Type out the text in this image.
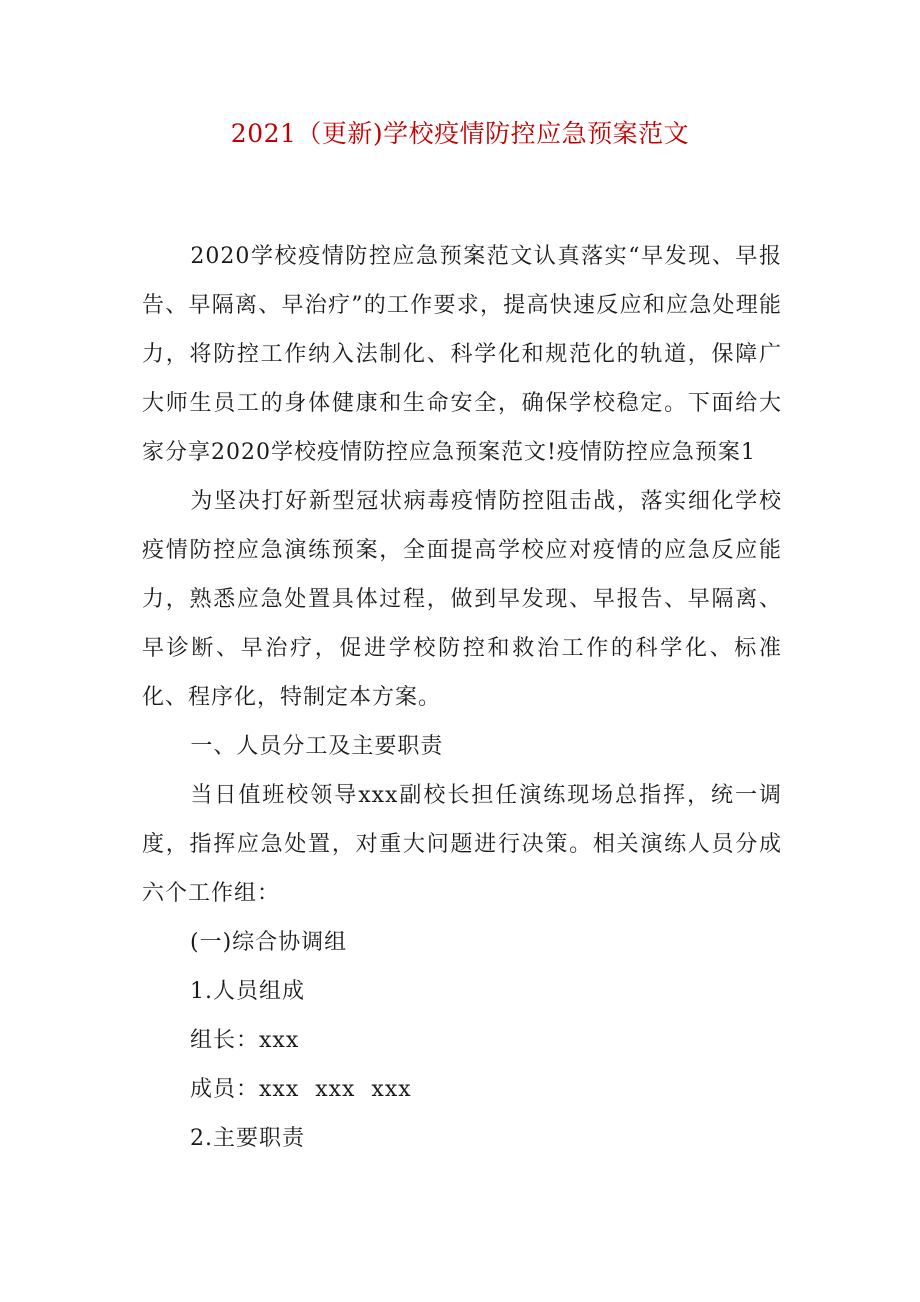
2021（更新)学校疫情防控应急预案范文

2020学校疫情防控应急预案范文认真落实“早发现、早报告、早隔离、早治疗”的工作要求，提高快速反应和应急处理能力，将防控工作纳入法制化、科学化和规范化的轨道，保障广大师生员工的身体健康和生命安全，确保学校稳定。下面给大家分享2020学校疫情防控应急预案范文!疫情防控应急预案1

为坚决打好新型冠状病毒疫情防控阻击战，落实细化学校疫情防控应急演练预案，全面提高学校应对疫情的应急反应能力，熟悉应急处置具体过程，做到早发现、早报告、早隔离、早诊断、早治疗，促进学校防控和救治工作的科学化、标准化、程序化，特制定本方案。

一、人员分工及主要职责

当日值班校领导xxx副校长担任演练现场总指挥，统一调度，指挥应急处置，对重大问题进行决策。相关演练人员分成六个工作组：

(一)综合协调组

1.人员组成

组长：xxx

成员：xxx  xxx  xxx

2.主要职责
